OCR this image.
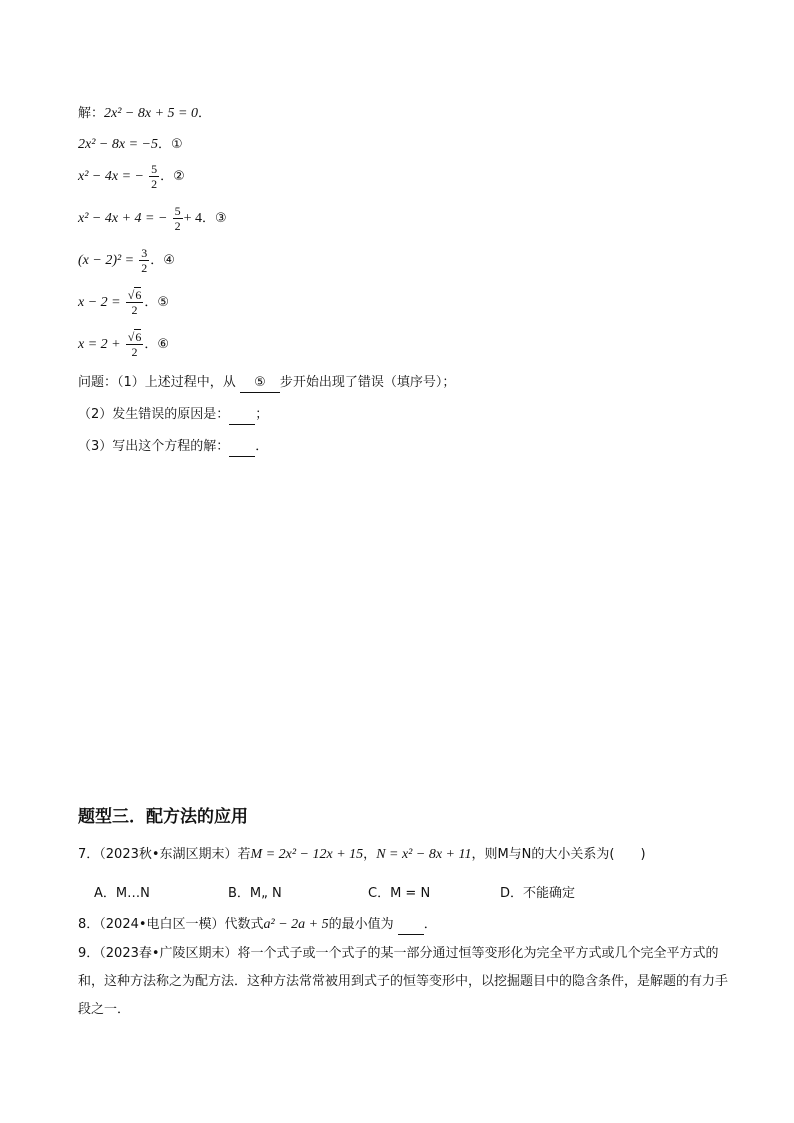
解：2x² − 8x + 5 = 0．
2x² − 8x = −5．①
x² − 4x = − $\frac{5}{2}$ ．②
x² − 4x + 4 = − $\frac{5}{2} + 4$．③
$(x - 2)^2 = \frac{3}{2}$ ．④
$x - 2 = \frac{√6}{2}$ ．⑤
$x = 2 + \frac{√6}{2}$ ．⑥
问题：（1）上述过程中，从 ⑤ 步开始出现了错误（填序号）；
（2）发生错误的原因是： ；
（3）写出这个方程的解： ．
题型三．配方法的应用
7．（2023秋•东湖区期末）若M = 2x² − 12x + 15，N = x² − 8x + 11，则M与N的大小关系为(　　)
A．M…N	B．M„ N	C．M = N	D．不能确定
8．（2024•电白区一模）代数式a² − 2a + 5的最小值为 ．
9．（2023春•广陵区期末）将一个式子或一个式子的某一部分通过恒等变形化为完全平方式或几个完全平方式的和，这种方法称之为配方法．这种方法常常被用到式子的恒等变形中，以挖掘题目中的隐含条件，是解题的有力手段之一．
